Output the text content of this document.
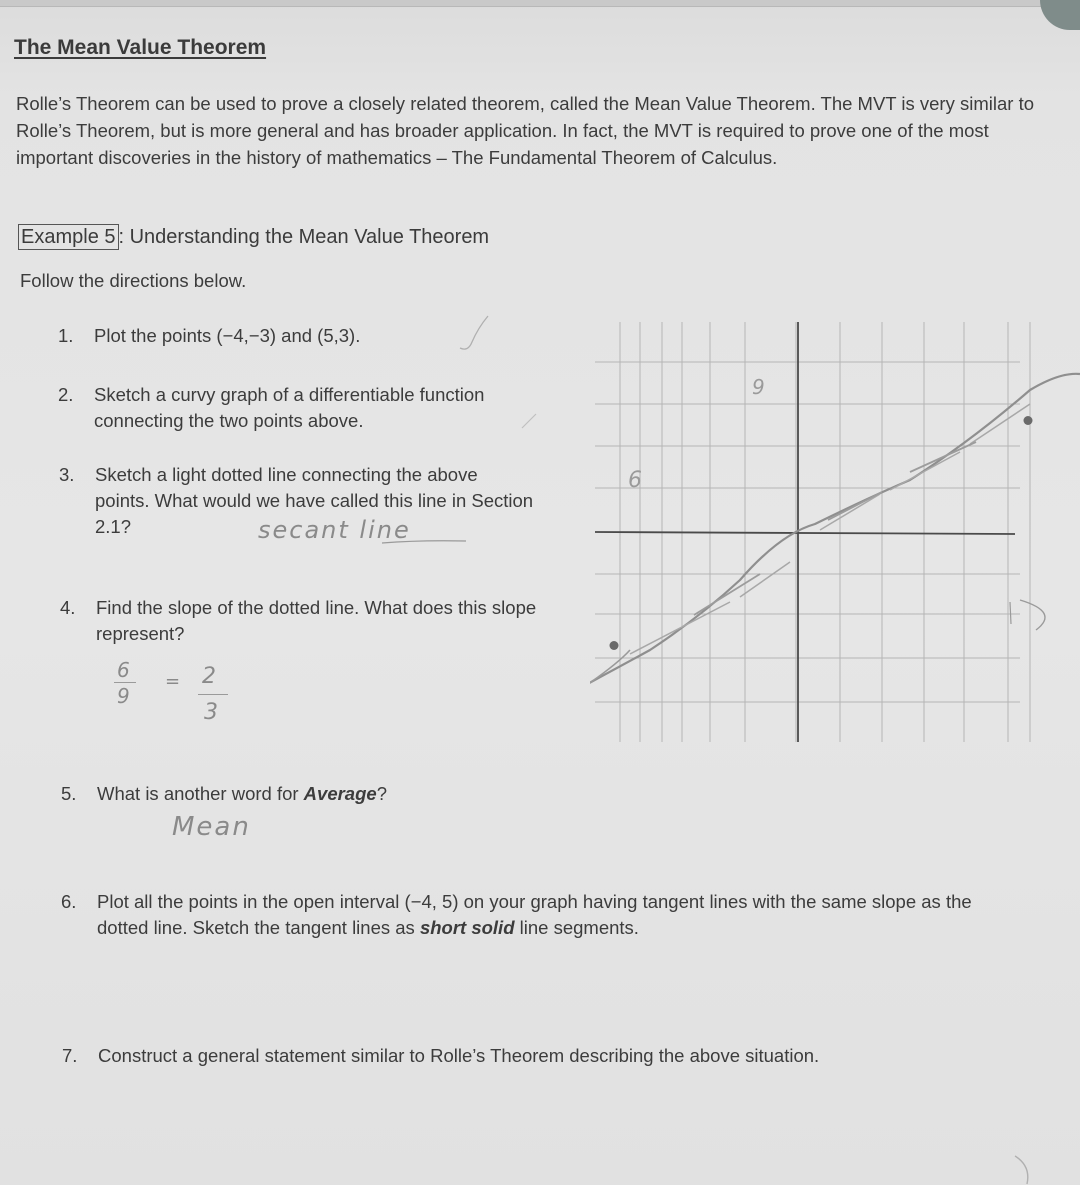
The Mean Value Theorem

Rolle’s Theorem can be used to prove a closely related theorem, called the Mean Value Theorem. The MVT is very similar to Rolle’s Theorem, but is more general and has broader application. In fact, the MVT is required to prove one of the most important discoveries in the history of mathematics – The Fundamental Theorem of Calculus.

Example 5 : Understanding the Mean Value Theorem
Follow the directions below.

1. Plot the points (−4,−3) and (5,3).

2. Sketch a curvy graph of a differentiable function connecting the two points above.

3. Sketch a light dotted line connecting the above points. What would we have called this line in Section 2.1?	secant line

4. Find the slope of the dotted line. What does this slope represent?

6
9
= 2
3

5. What is another word for Average?

Mean

6. Plot all the points in the open interval (−4, 5) on your graph having tangent lines with the same slope as the dotted line. Sketch the tangent lines as short solid line segments.

7. Construct a general statement similar to Rolle’s Theorem describing the above situation.

9
6
